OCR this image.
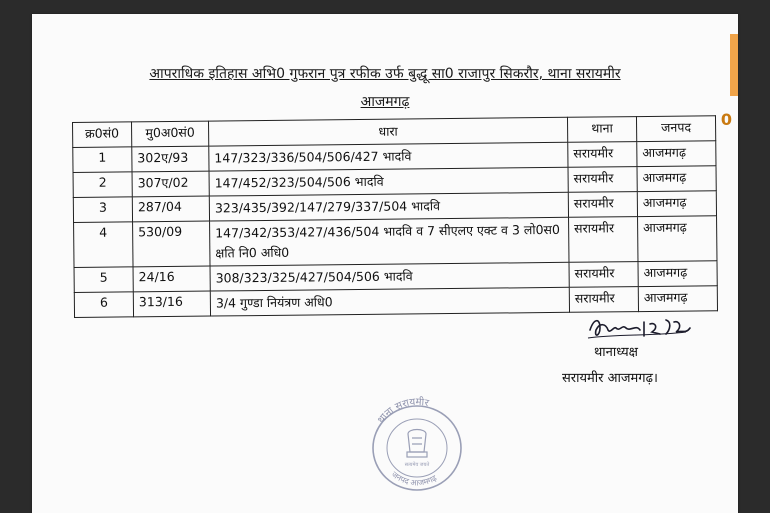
0
आपराधिक इतिहास अभि0 गुफरान पुत्र रफीक उर्फ बुद्धू सा0 राजापुर सिकरौर, थाना सरायमीर
आजमगढ़
क्र0सं0	मु0अ0सं0	धारा	थाना	जनपद
1	302ए/93	147/323/336/504/506/427 भादवि	सरायमीर	आजमगढ़
2	307ए/02	147/452/323/504/506 भादवि	सरायमीर	आजमगढ़
3	287/04	323/435/392/147/279/337/504 भादवि	सरायमीर	आजमगढ़
4	530/09	147/342/353/427/436/504 भादवि व 7 सीएलए एक्ट व 3 लो0स0 क्षति नि0 अधि0	सरायमीर	आजमगढ़
5	24/16	308/323/325/427/504/506 भादवि	सरायमीर	आजमगढ़
6	313/16	3/4 गुण्डा नियंत्रण अधि0	सरायमीर	आजमगढ़
थानाध्यक्ष
सरायमीर आजमगढ़।
थाना सरायमीर
जनपद आजमगढ़
सत्यमेव जयते
